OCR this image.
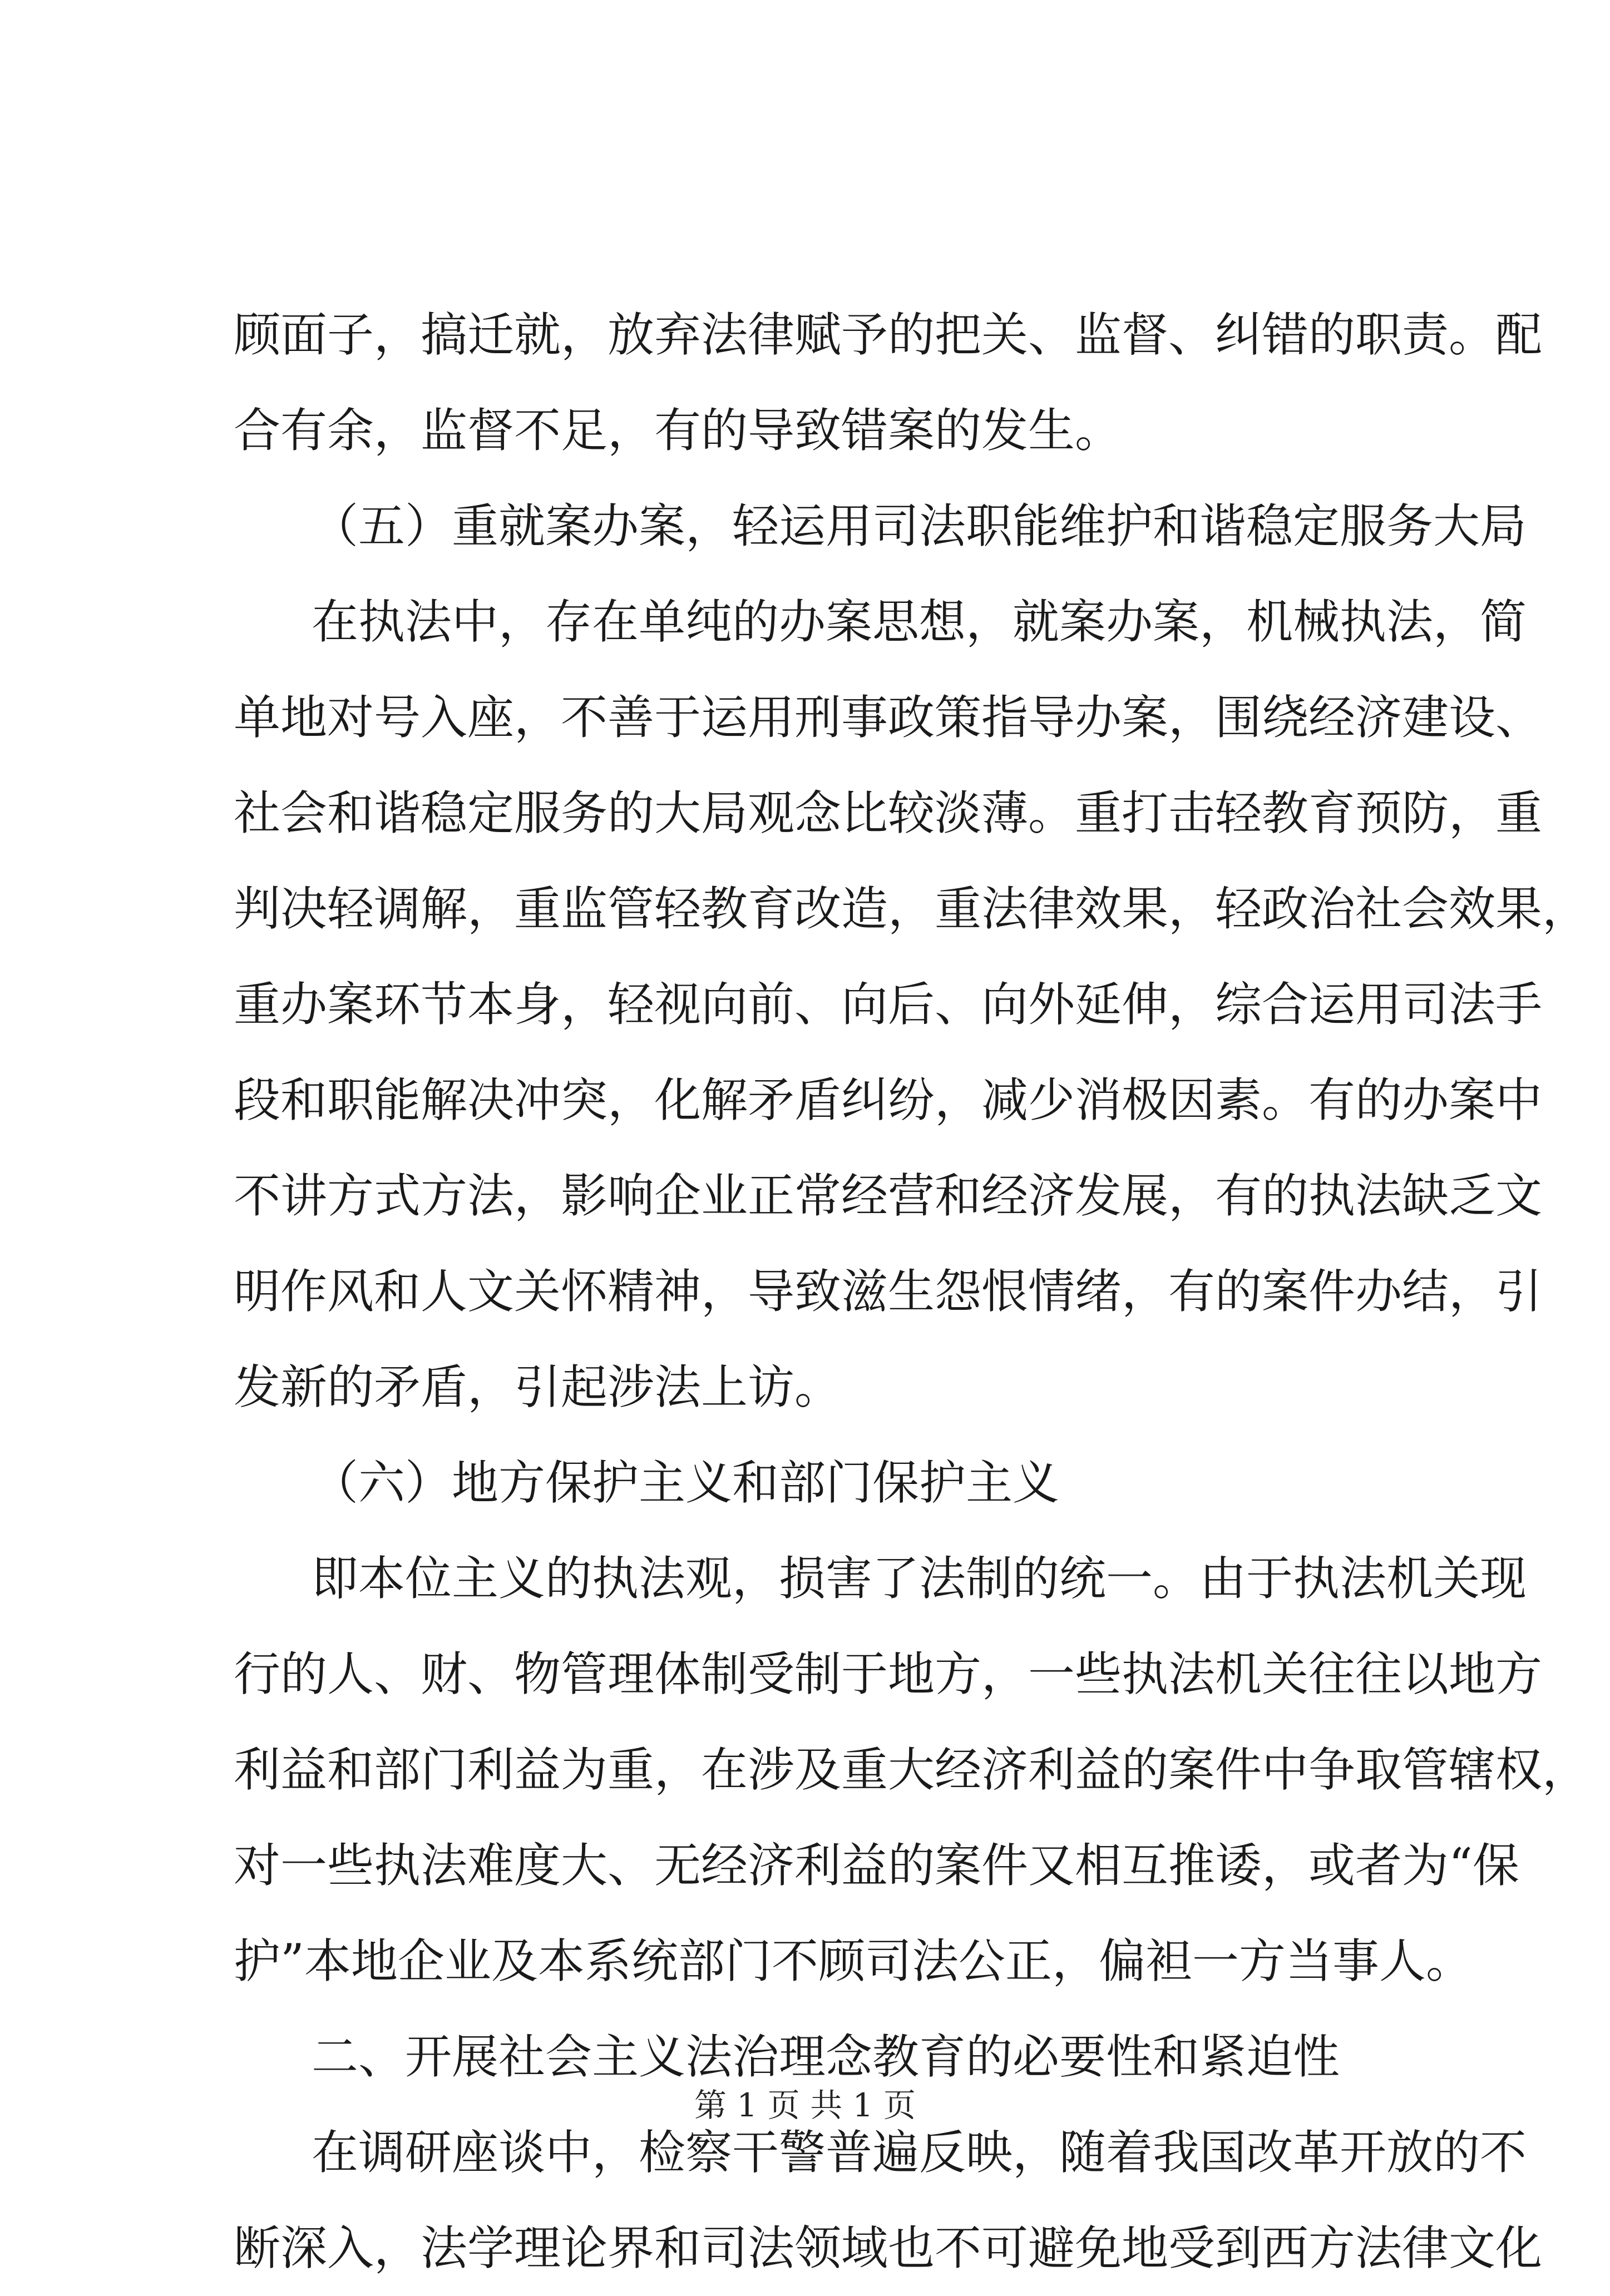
顾面子，搞迁就，放弃法律赋予的把关、监督、纠错的职责。配
合有余，监督不足，有的导致错案的发生。
（五）重就案办案，轻运用司法职能维护和谐稳定服务大局
在执法中，存在单纯的办案思想，就案办案，机械执法，简
单地对号入座，不善于运用刑事政策指导办案，围绕经济建设、
社会和谐稳定服务的大局观念比较淡薄。重打击轻教育预防，重
判决轻调解，重监管轻教育改造，重法律效果，轻政治社会效果，
重办案环节本身，轻视向前、向后、向外延伸，综合运用司法手
段和职能解决冲突，化解矛盾纠纷，减少消极因素。有的办案中
不讲方式方法，影响企业正常经营和经济发展，有的执法缺乏文
明作风和人文关怀精神，导致滋生怨恨情绪，有的案件办结，引
发新的矛盾，引起涉法上访。
（六）地方保护主义和部门保护主义
即本位主义的执法观，损害了法制的统一。由于执法机关现
行的人、财、物管理体制受制于地方，一些执法机关往往以地方
利益和部门利益为重，在涉及重大经济利益的案件中争取管辖权，
对一些执法难度大、无经济利益的案件又相互推诿，或者为“保
护”本地企业及本系统部门不顾司法公正，偏袒一方当事人。
二、开展社会主义法治理念教育的必要性和紧迫性
在调研座谈中，检察干警普遍反映，随着我国改革开放的不
断深入，法学理论界和司法领域也不可避免地受到西方法律文化
第 1 页 共 1 页
